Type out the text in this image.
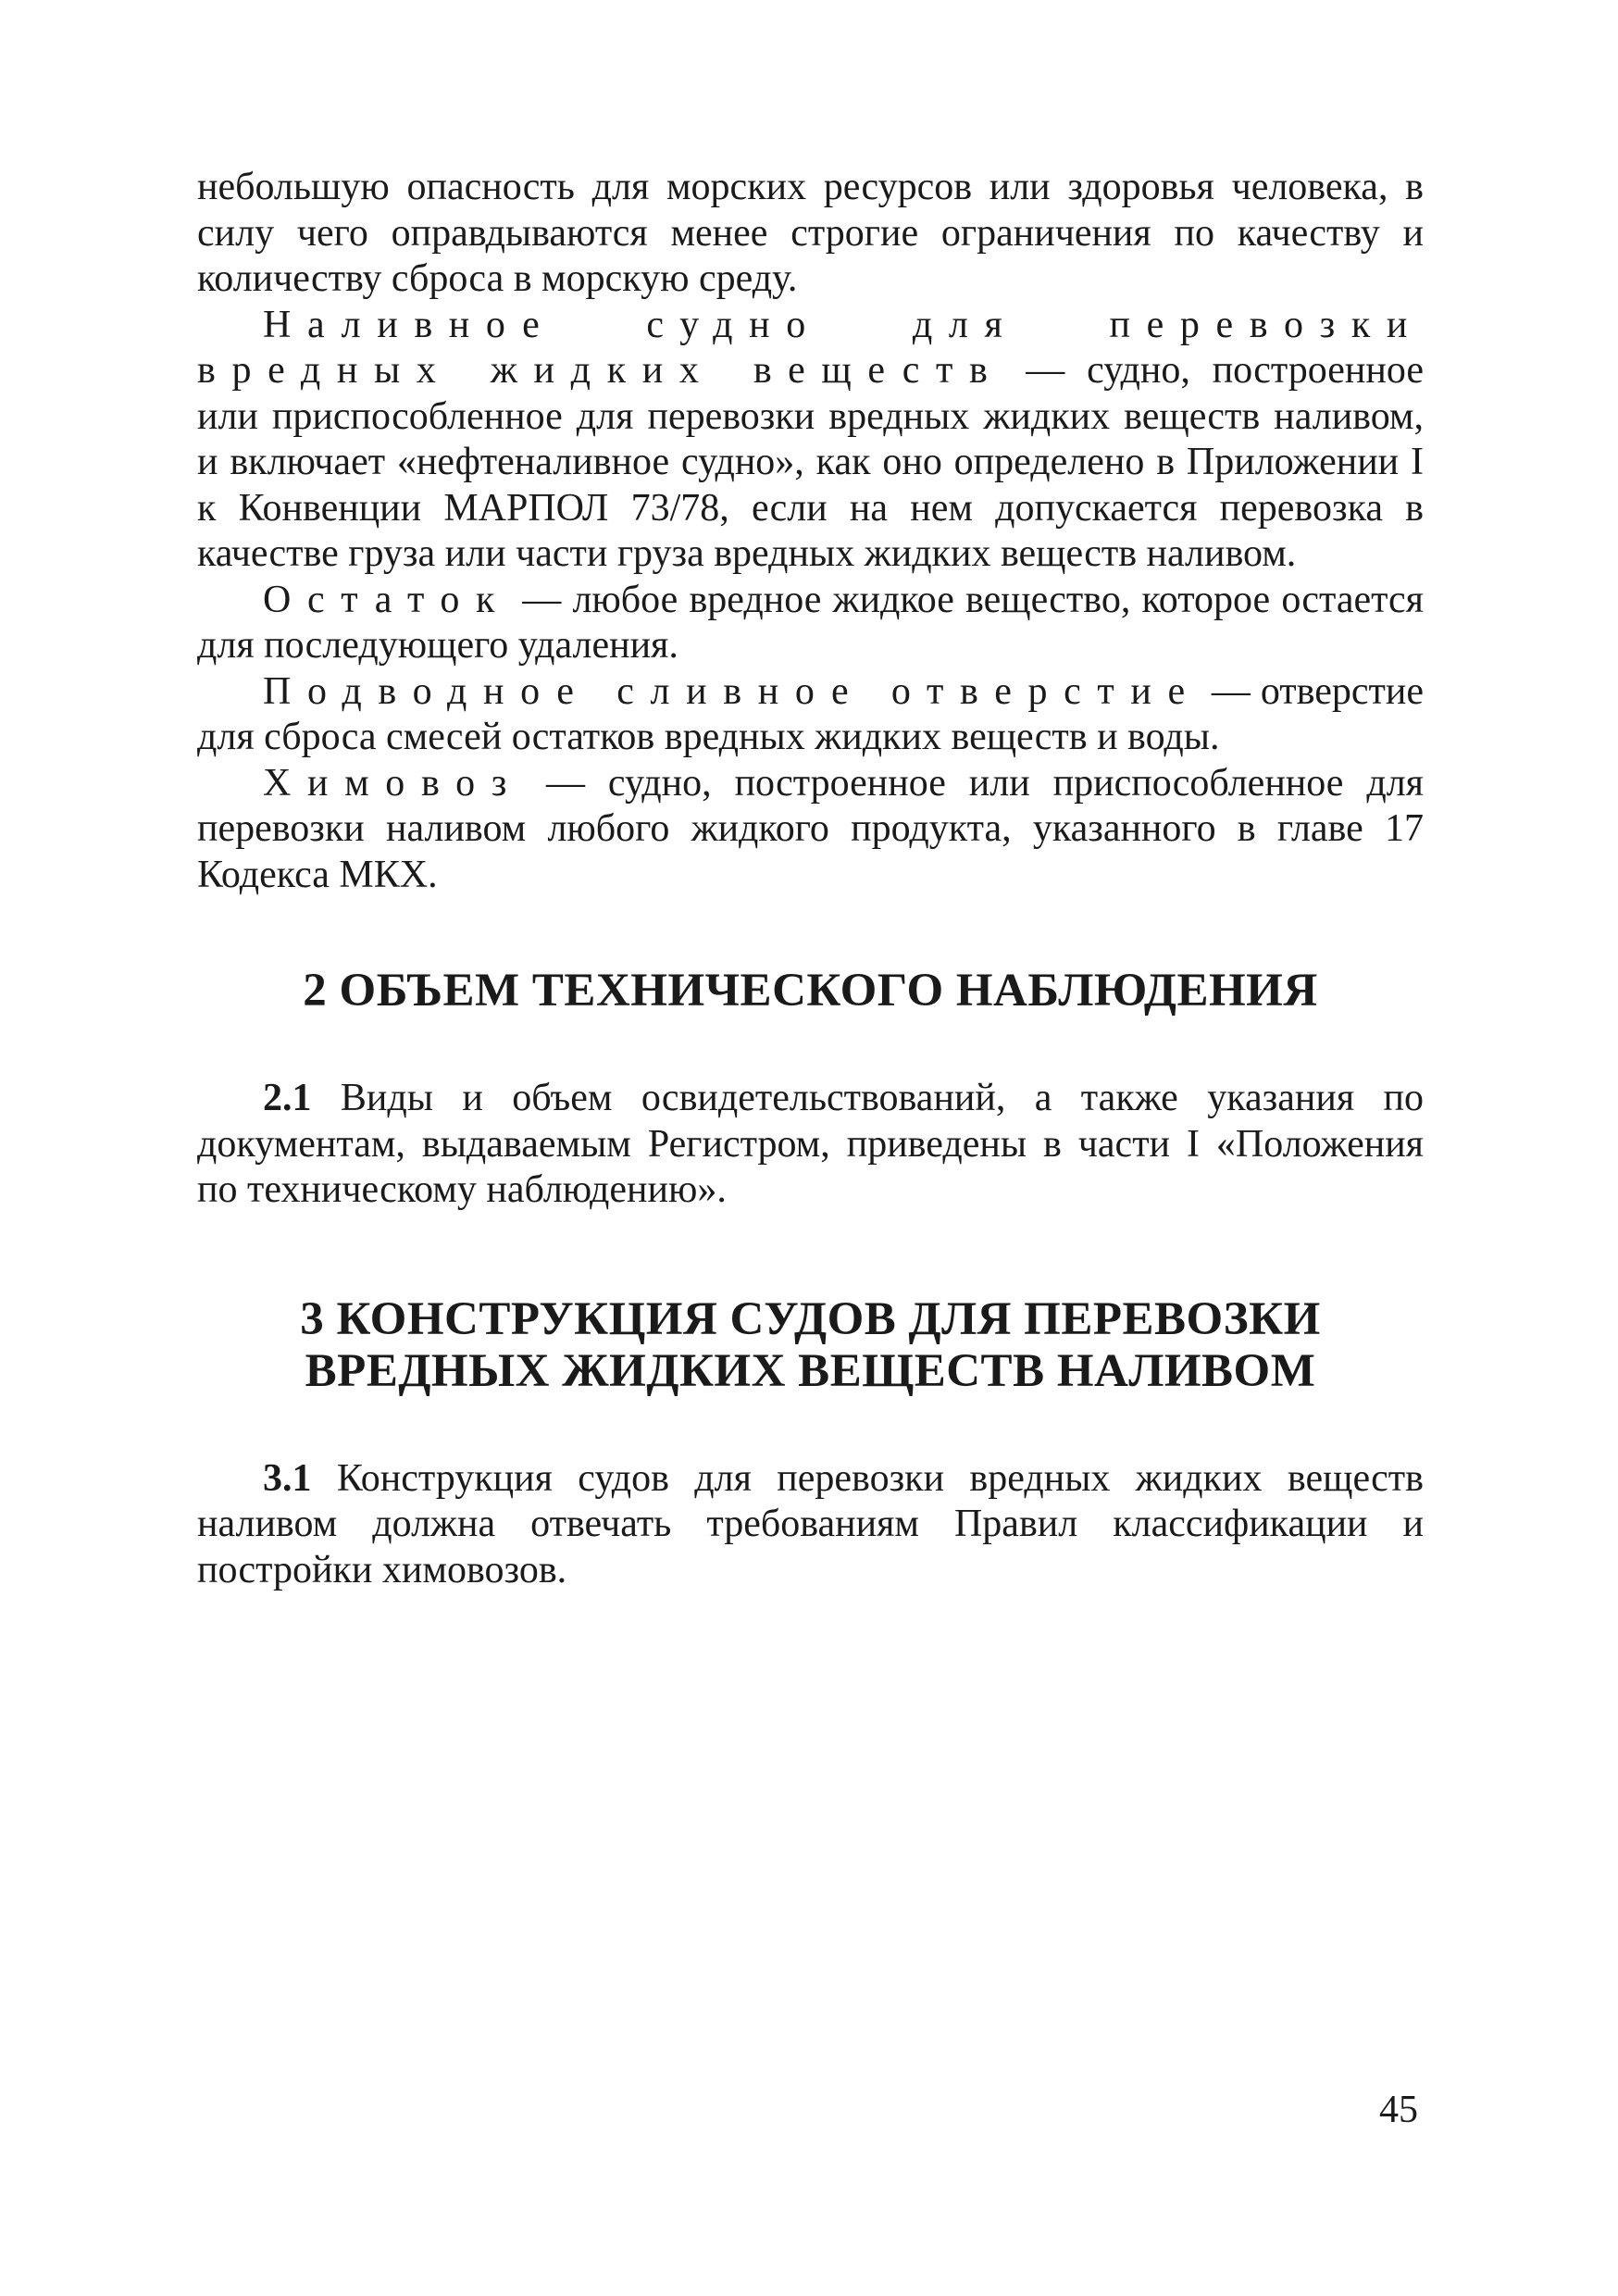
небольшую опасность для морских ресурсов или здоровья человека, в силу чего оправдываются менее строгие ограничения по качеству и количеству сброса в морскую среду.

Наливное судно для перевозки вредных жидких веществ — судно, построенное или приспособленное для перевозки вредных жидких веществ наливом, и включает «нефтеналивное судно», как оно определено в Приложении I к Конвенции МАРПОЛ 73/78, если на нем допускается перевозка в качестве груза или части груза вредных жидких веществ наливом.

Остаток — любое вредное жидкое вещество, которое остается для последующего удаления.

Подводное сливное отверстие — отверстие для сброса смесей остатков вредных жидких веществ и воды.

Химовоз — судно, построенное или приспособленное для перевозки наливом любого жидкого продукта, указанного в главе 17 Кодекса МКХ.

2 ОБЪЕМ ТЕХНИЧЕСКОГО НАБЛЮДЕНИЯ

2.1 Виды и объем освидетельствований, а также указания по документам, выдаваемым Регистром, приведены в части I «Положения по техническому наблюдению».

3 КОНСТРУКЦИЯ СУДОВ ДЛЯ ПЕРЕВОЗКИ
ВРЕДНЫХ ЖИДКИХ ВЕЩЕСТВ НАЛИВОМ

3.1 Конструкция судов для перевозки вредных жидких веществ наливом должна отвечать требованиям Правил классификации и постройки химовозов.

45
